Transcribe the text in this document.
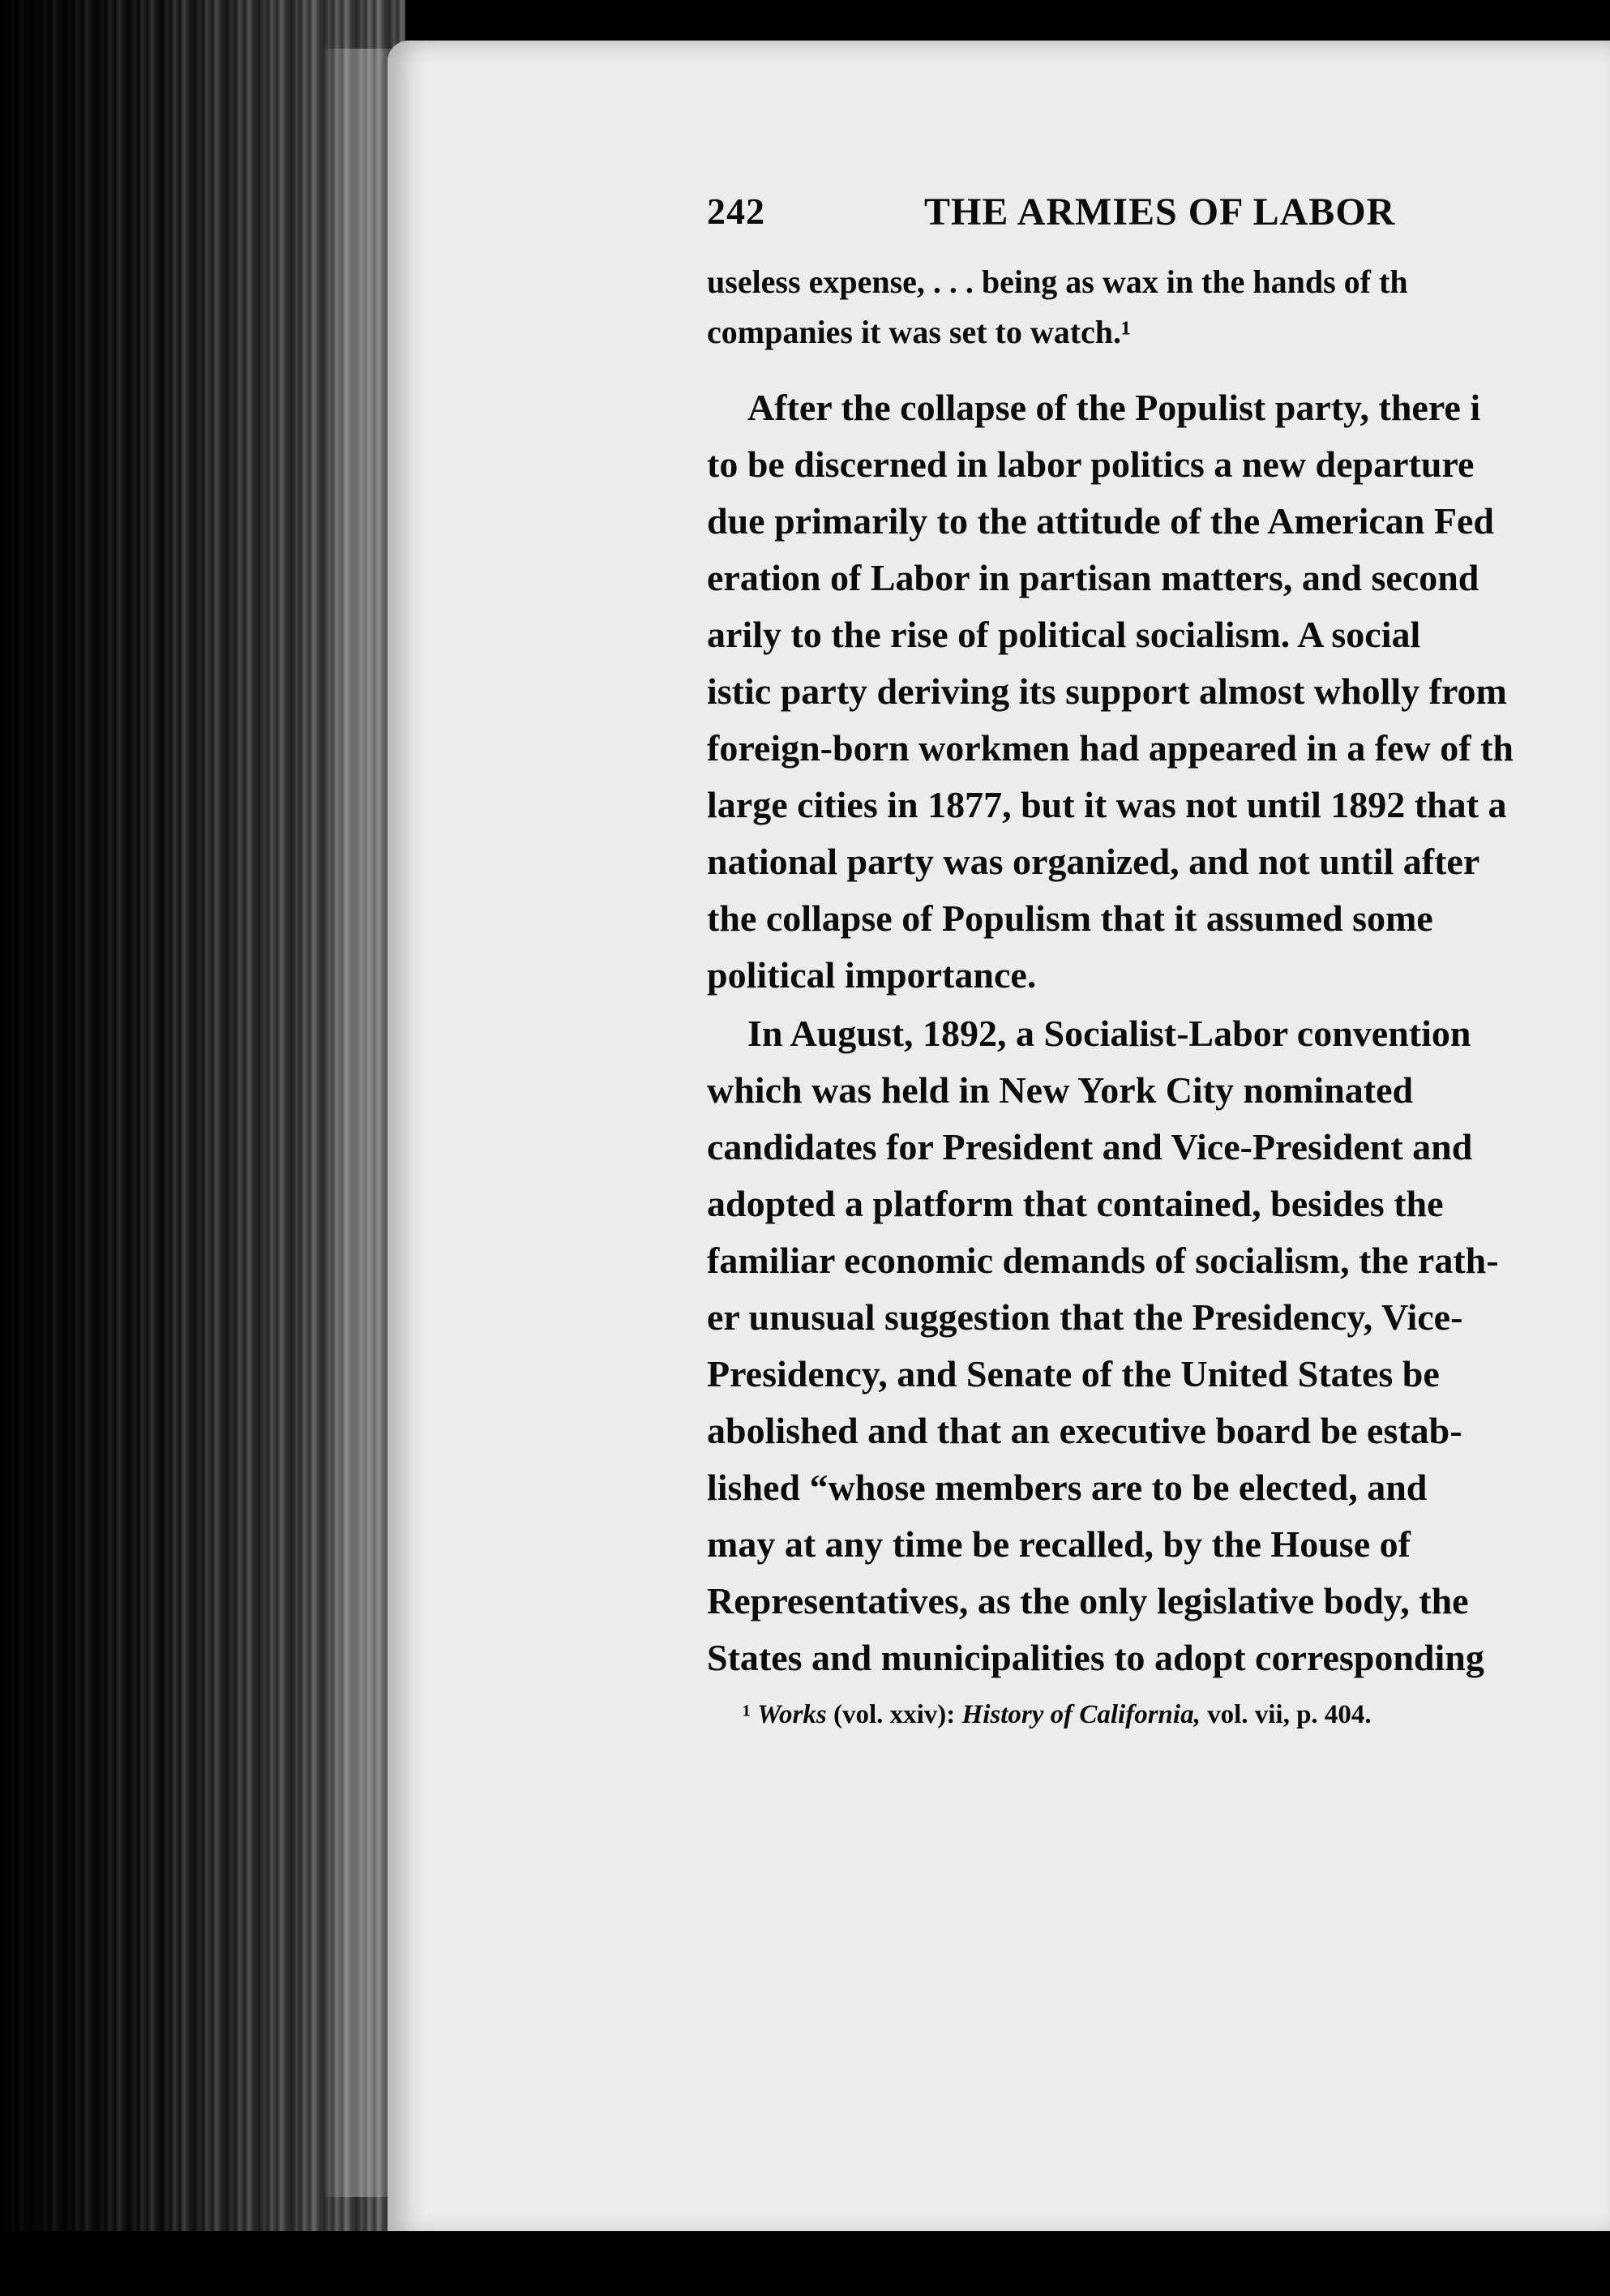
242	THE ARMIES OF LABOR
useless expense, . . . being as wax in the hands of th
companies it was set to watch.¹
After the collapse of the Populist party, there i
to be discerned in labor politics a new departure
due primarily to the attitude of the American Fed
eration of Labor in partisan matters, and second
arily to the rise of political socialism. A social
istic party deriving its support almost wholly from
foreign-born workmen had appeared in a few of th
large cities in 1877, but it was not until 1892 that a
national party was organized, and not until after
the collapse of Populism that it assumed some
political importance.
In August, 1892, a Socialist-Labor convention
which was held in New York City nominated
candidates for President and Vice-President and
adopted a platform that contained, besides the
familiar economic demands of socialism, the rath-
er unusual suggestion that the Presidency, Vice-
Presidency, and Senate of the United States be
abolished and that an executive board be estab-
lished “whose members are to be elected, and
may at any time be recalled, by the House of
Representatives, as the only legislative body, the
States and municipalities to adopt corresponding
¹ Works (vol. xxiv): History of California, vol. vii, p. 404.
